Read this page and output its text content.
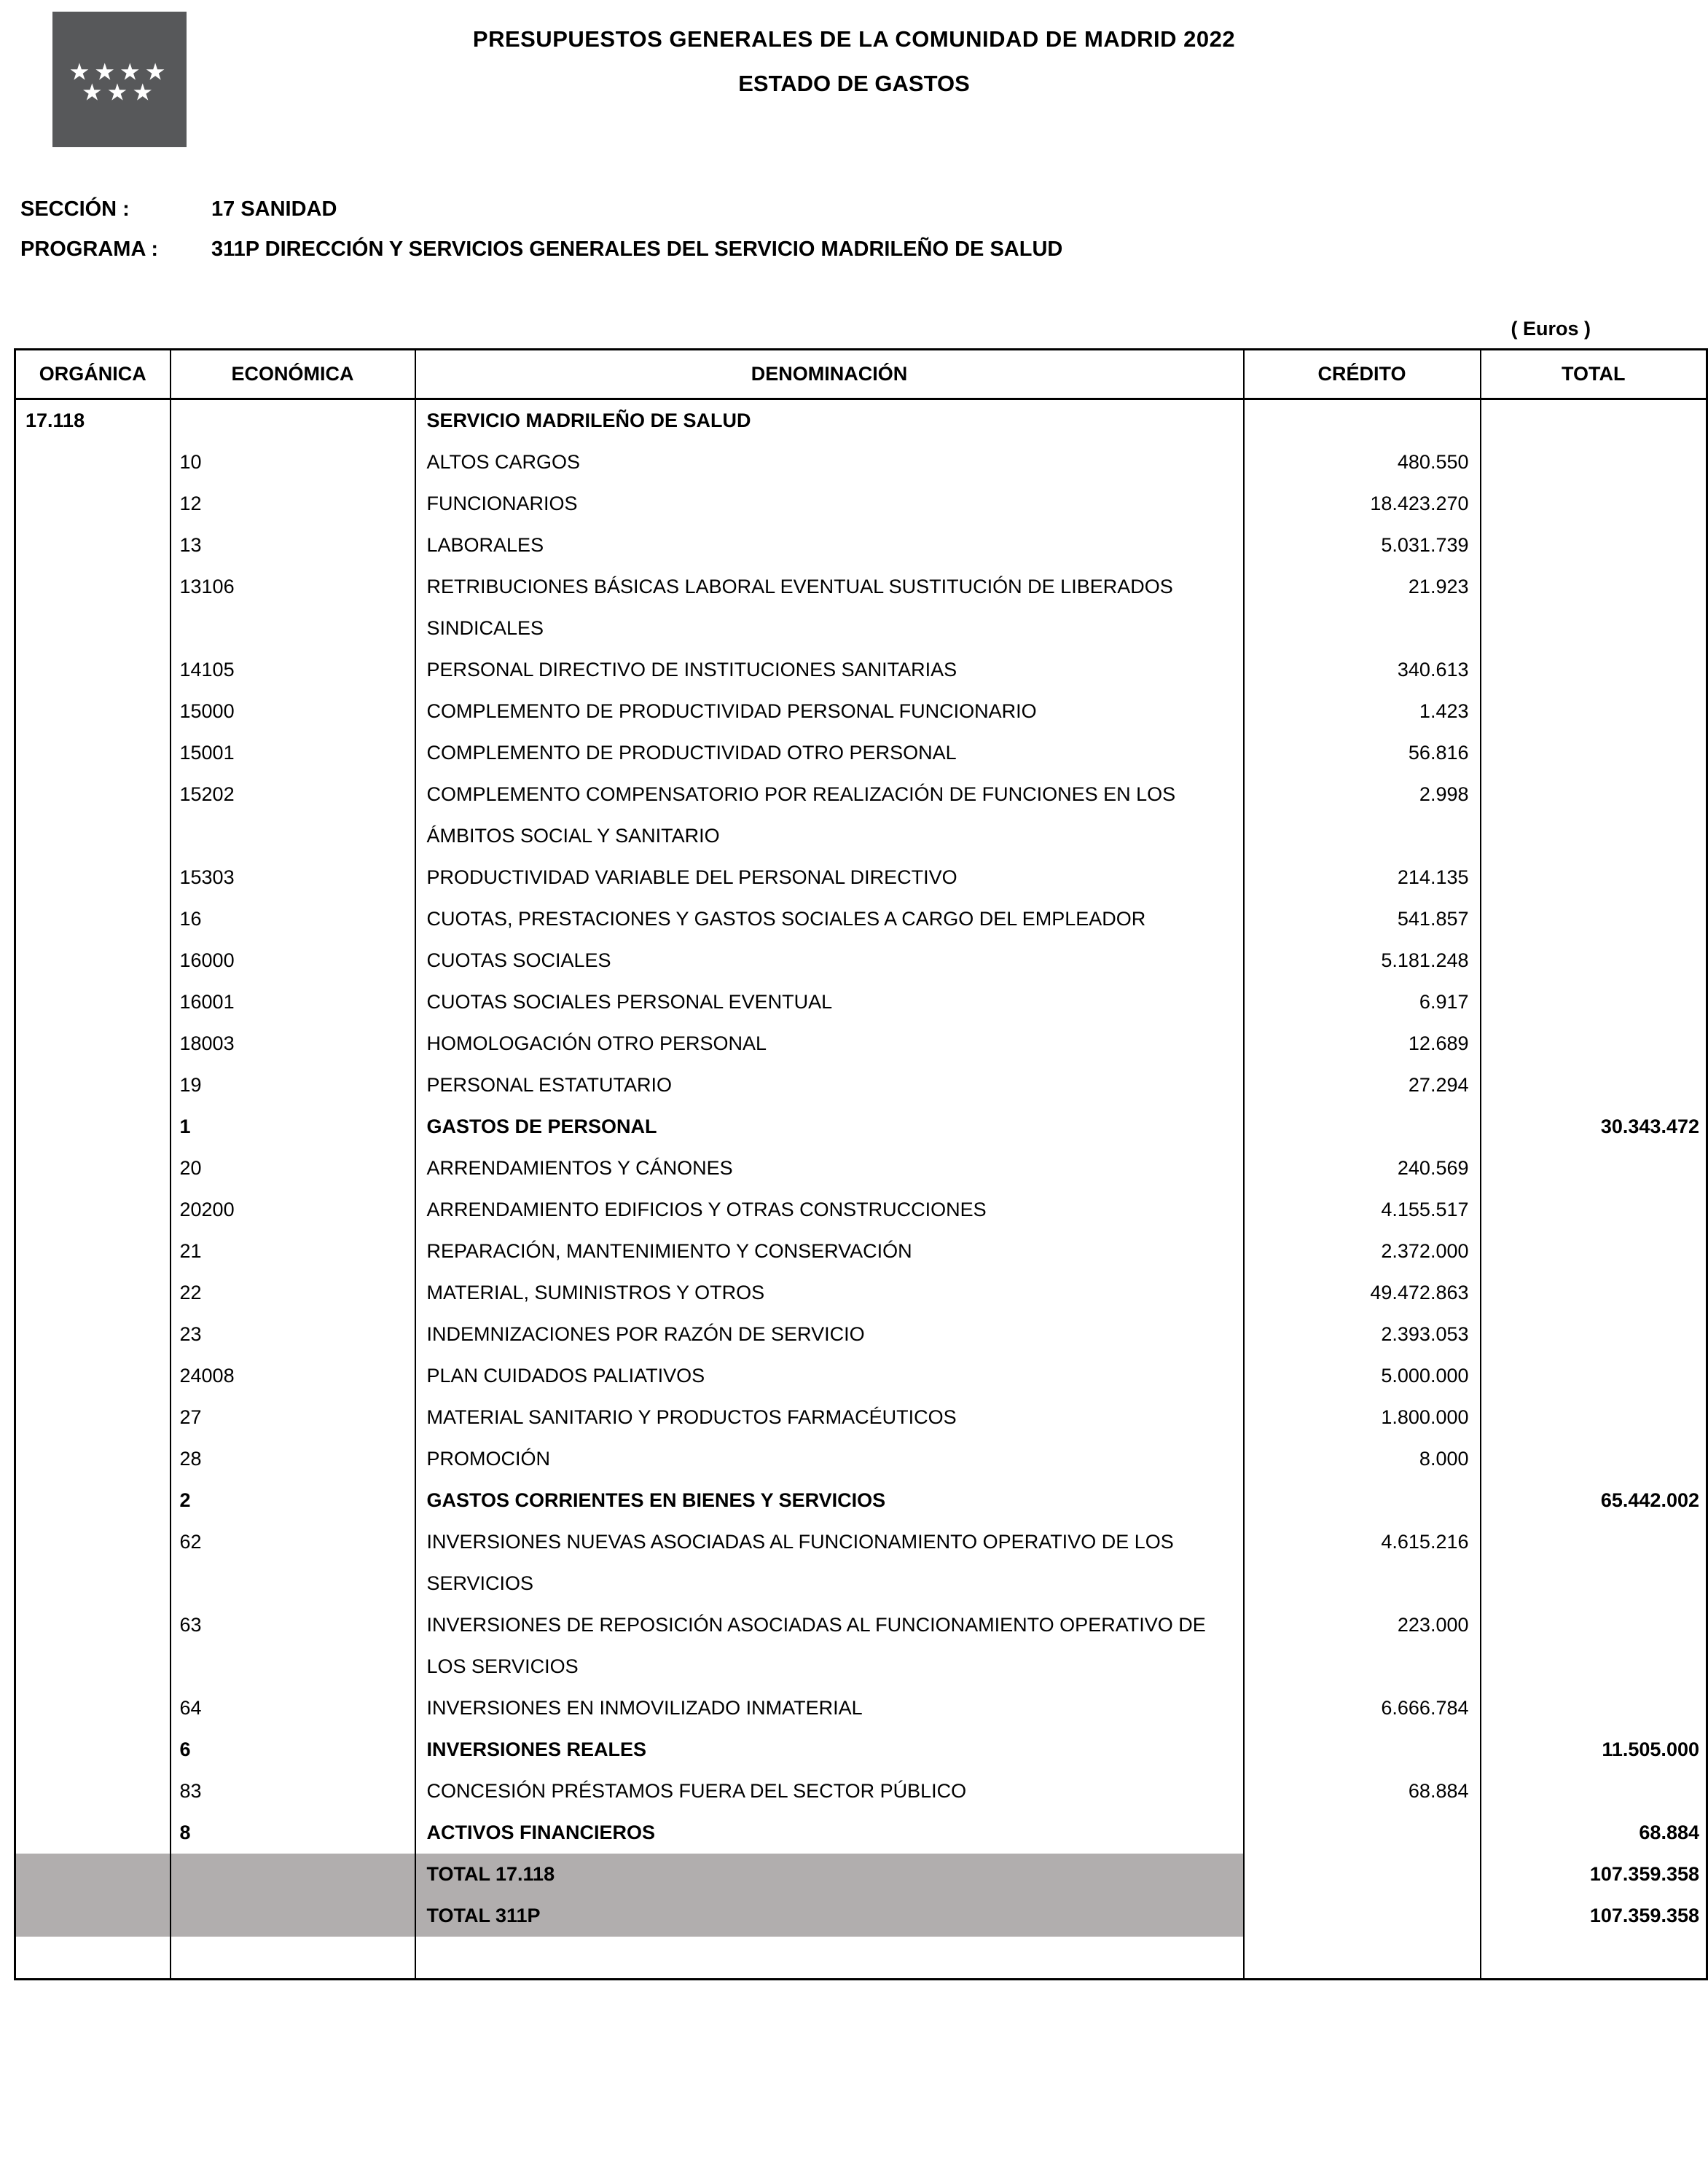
★★★★
★★★
PRESUPUESTOS GENERALES DE LA COMUNIDAD DE MADRID 2022
ESTADO DE GASTOS
SECCIÓN :	17 SANIDAD
PROGRAMA :	311P DIRECCIÓN Y SERVICIOS GENERALES DEL SERVICIO MADRILEÑO DE SALUD
( Euros )
ORGÁNICA	ECONÓMICA	DENOMINACIÓN	CRÉDITO	TOTAL
17.118		SERVICIO MADRILEÑO DE SALUD		
	10	ALTOS CARGOS	480.550	
	12	FUNCIONARIOS	18.423.270	
	13	LABORALES	5.031.739	
	13106	RETRIBUCIONES BÁSICAS LABORAL EVENTUAL SUSTITUCIÓN DE LIBERADOS SINDICALES	21.923	
	14105	PERSONAL DIRECTIVO DE INSTITUCIONES SANITARIAS	340.613	
	15000	COMPLEMENTO DE PRODUCTIVIDAD PERSONAL FUNCIONARIO	1.423	
	15001	COMPLEMENTO DE PRODUCTIVIDAD OTRO PERSONAL	56.816	
	15202	COMPLEMENTO COMPENSATORIO POR REALIZACIÓN DE FUNCIONES EN LOS ÁMBITOS SOCIAL Y SANITARIO	2.998	
	15303	PRODUCTIVIDAD VARIABLE DEL PERSONAL DIRECTIVO	214.135	
	16	CUOTAS, PRESTACIONES Y GASTOS SOCIALES A CARGO DEL EMPLEADOR	541.857	
	16000	CUOTAS SOCIALES	5.181.248	
	16001	CUOTAS SOCIALES PERSONAL EVENTUAL	6.917	
	18003	HOMOLOGACIÓN OTRO PERSONAL	12.689	
	19	PERSONAL ESTATUTARIO	27.294	
	1	GASTOS DE PERSONAL		30.343.472
	20	ARRENDAMIENTOS Y CÁNONES	240.569	
	20200	ARRENDAMIENTO EDIFICIOS Y OTRAS CONSTRUCCIONES	4.155.517	
	21	REPARACIÓN, MANTENIMIENTO Y CONSERVACIÓN	2.372.000	
	22	MATERIAL, SUMINISTROS Y OTROS	49.472.863	
	23	INDEMNIZACIONES POR RAZÓN DE SERVICIO	2.393.053	
	24008	PLAN CUIDADOS PALIATIVOS	5.000.000	
	27	MATERIAL SANITARIO Y PRODUCTOS FARMACÉUTICOS	1.800.000	
	28	PROMOCIÓN	8.000	
	2	GASTOS CORRIENTES EN BIENES Y SERVICIOS		65.442.002
	62	INVERSIONES NUEVAS ASOCIADAS AL FUNCIONAMIENTO OPERATIVO DE LOS SERVICIOS	4.615.216	
	63	INVERSIONES DE REPOSICIÓN ASOCIADAS AL FUNCIONAMIENTO OPERATIVO DE LOS SERVICIOS	223.000	
	64	INVERSIONES EN INMOVILIZADO INMATERIAL	6.666.784	
	6	INVERSIONES REALES		11.505.000
	83	CONCESIÓN PRÉSTAMOS FUERA DEL SECTOR PÚBLICO	68.884	
	8	ACTIVOS FINANCIEROS		68.884
		TOTAL 17.118		107.359.358
		TOTAL 311P		107.359.358
